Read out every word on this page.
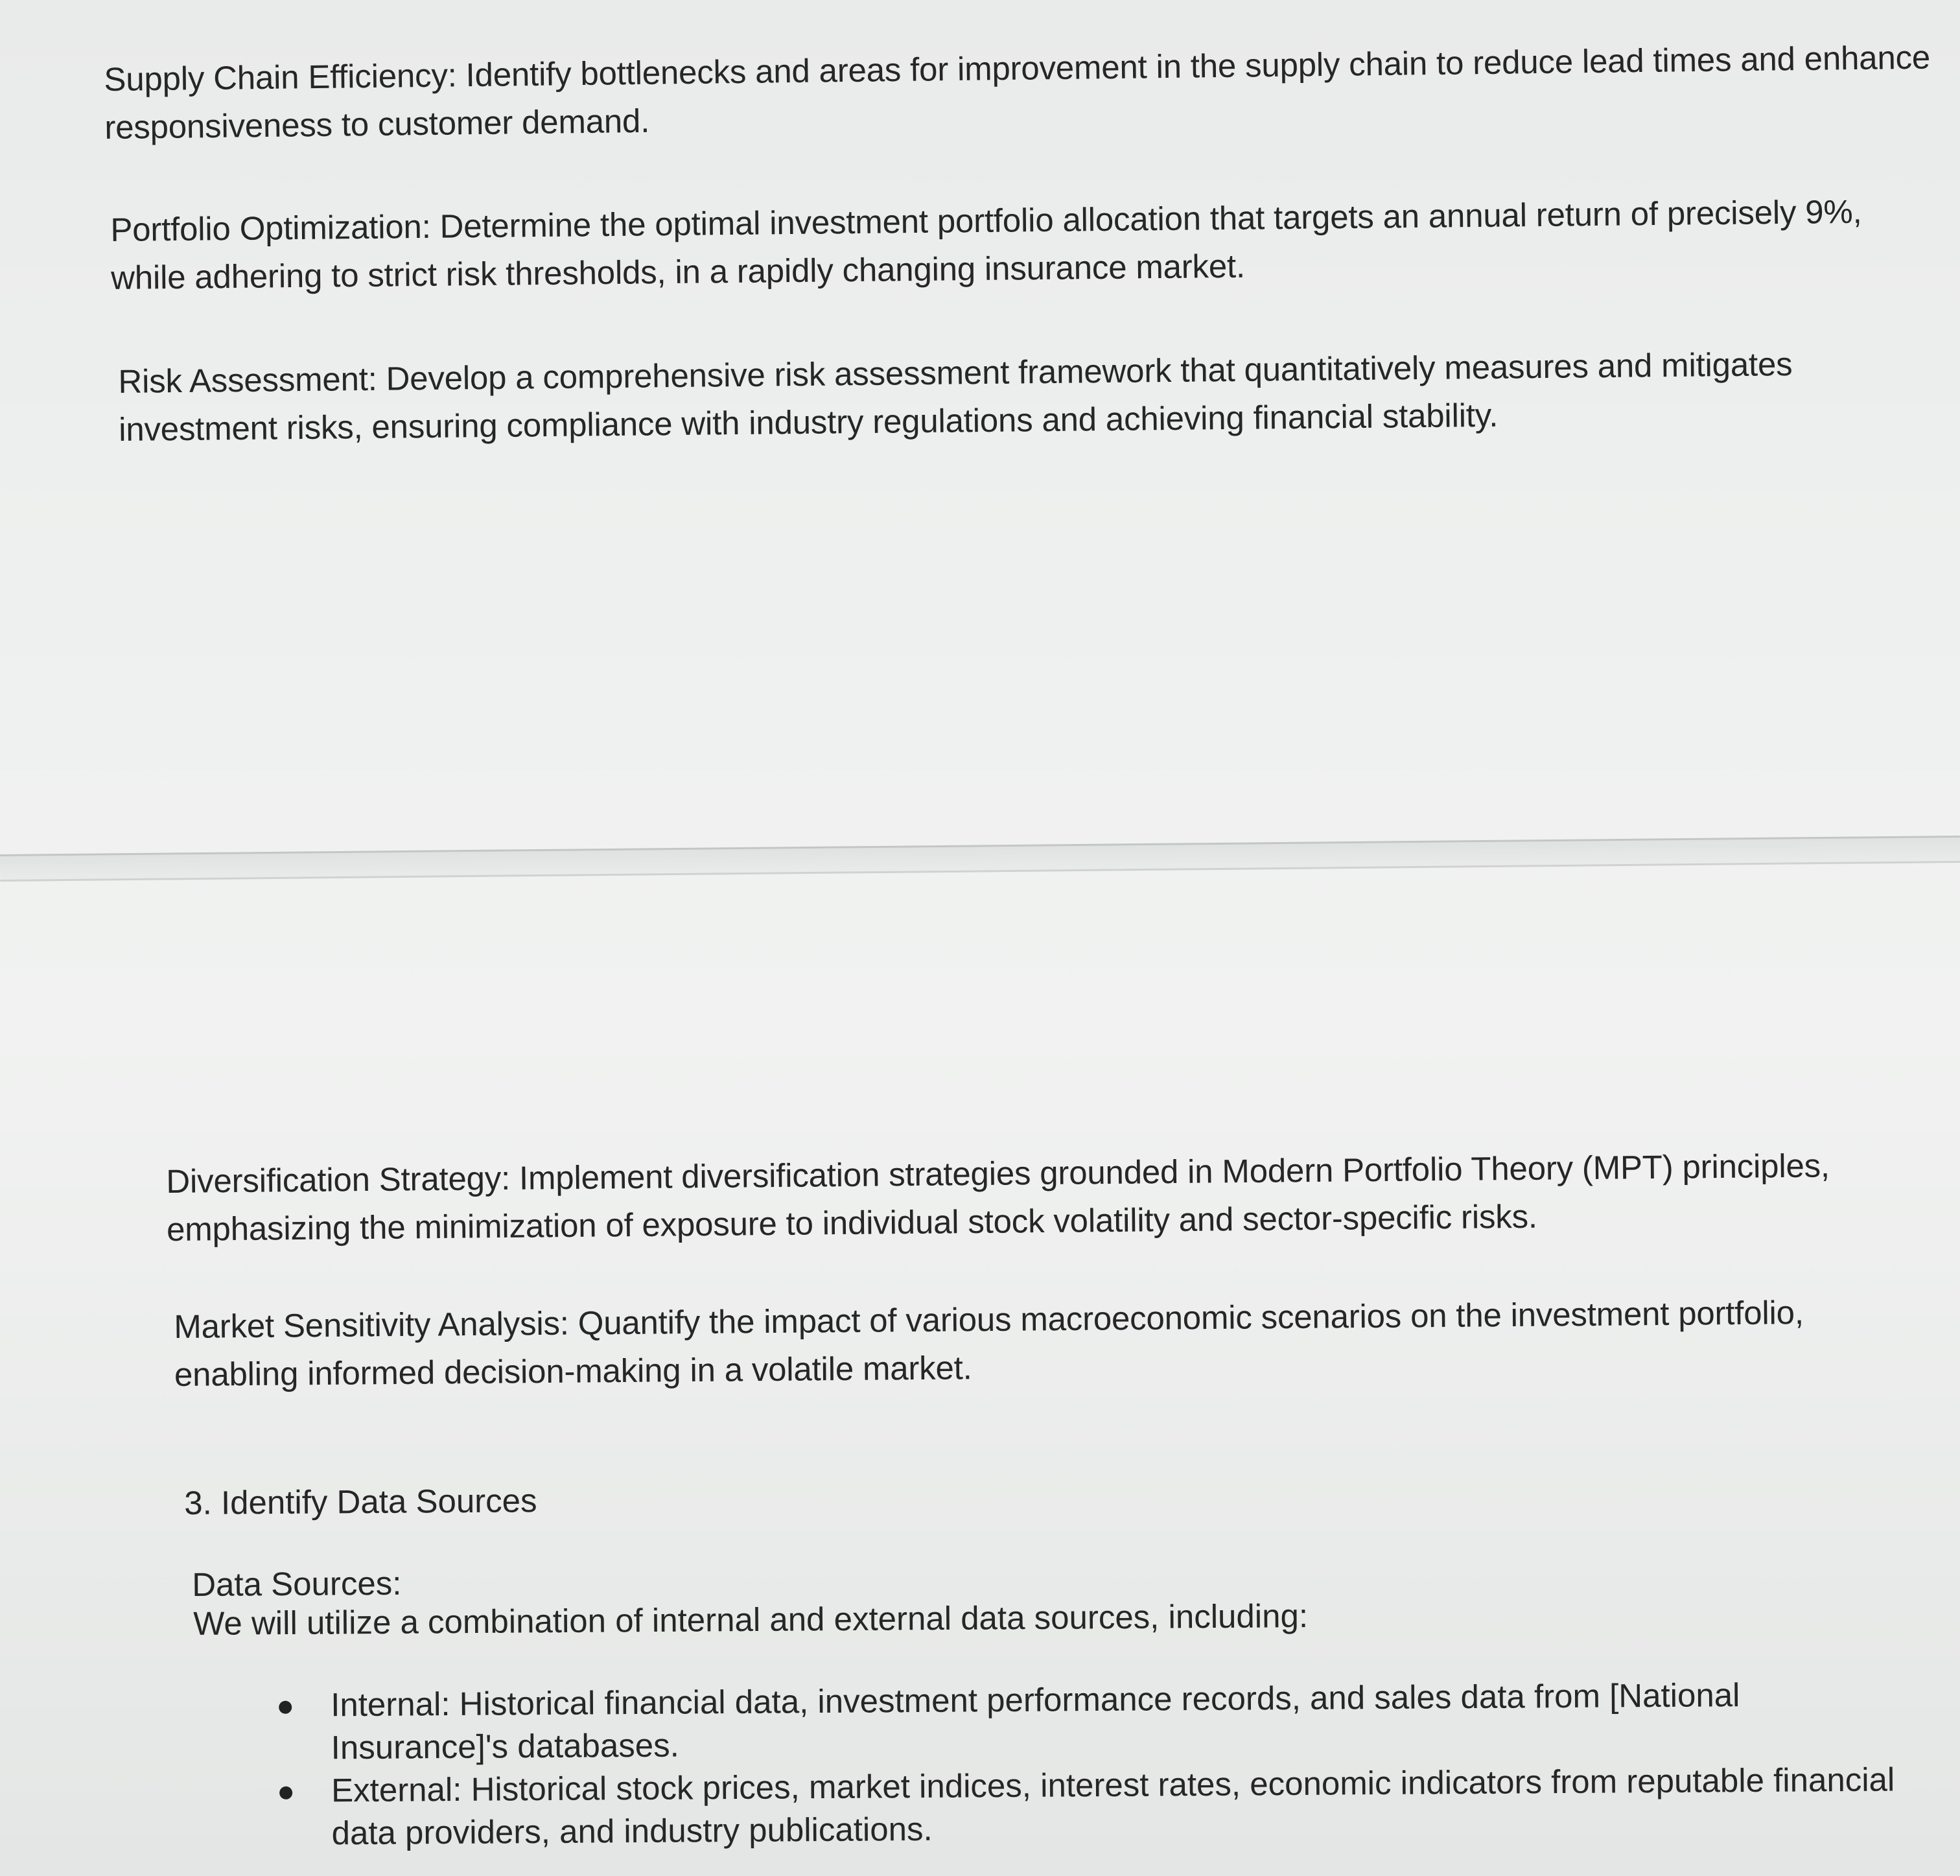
Supply Chain Efficiency: Identify bottlenecks and areas for improvement in the supply chain to reduce lead times and enhance responsiveness to customer demand.

Portfolio Optimization: Determine the optimal investment portfolio allocation that targets an annual return of precisely 9%, while adhering to strict risk thresholds, in a rapidly changing insurance market.

Risk Assessment: Develop a comprehensive risk assessment framework that quantitatively measures and mitigates investment risks, ensuring compliance with industry regulations and achieving financial stability.

Diversification Strategy: Implement diversification strategies grounded in Modern Portfolio Theory (MPT) principles, emphasizing the minimization of exposure to individual stock volatility and sector-specific risks.

Market Sensitivity Analysis: Quantify the impact of various macroeconomic scenarios on the investment portfolio, enabling informed decision-making in a volatile market.

3. Identify Data Sources

Data Sources:

We will utilize a combination of internal and external data sources, including:

Internal: Historical financial data, investment performance records, and sales data from [National Insurance]'s databases.
External: Historical stock prices, market indices, interest rates, economic indicators from reputable financial data providers, and industry publications.
